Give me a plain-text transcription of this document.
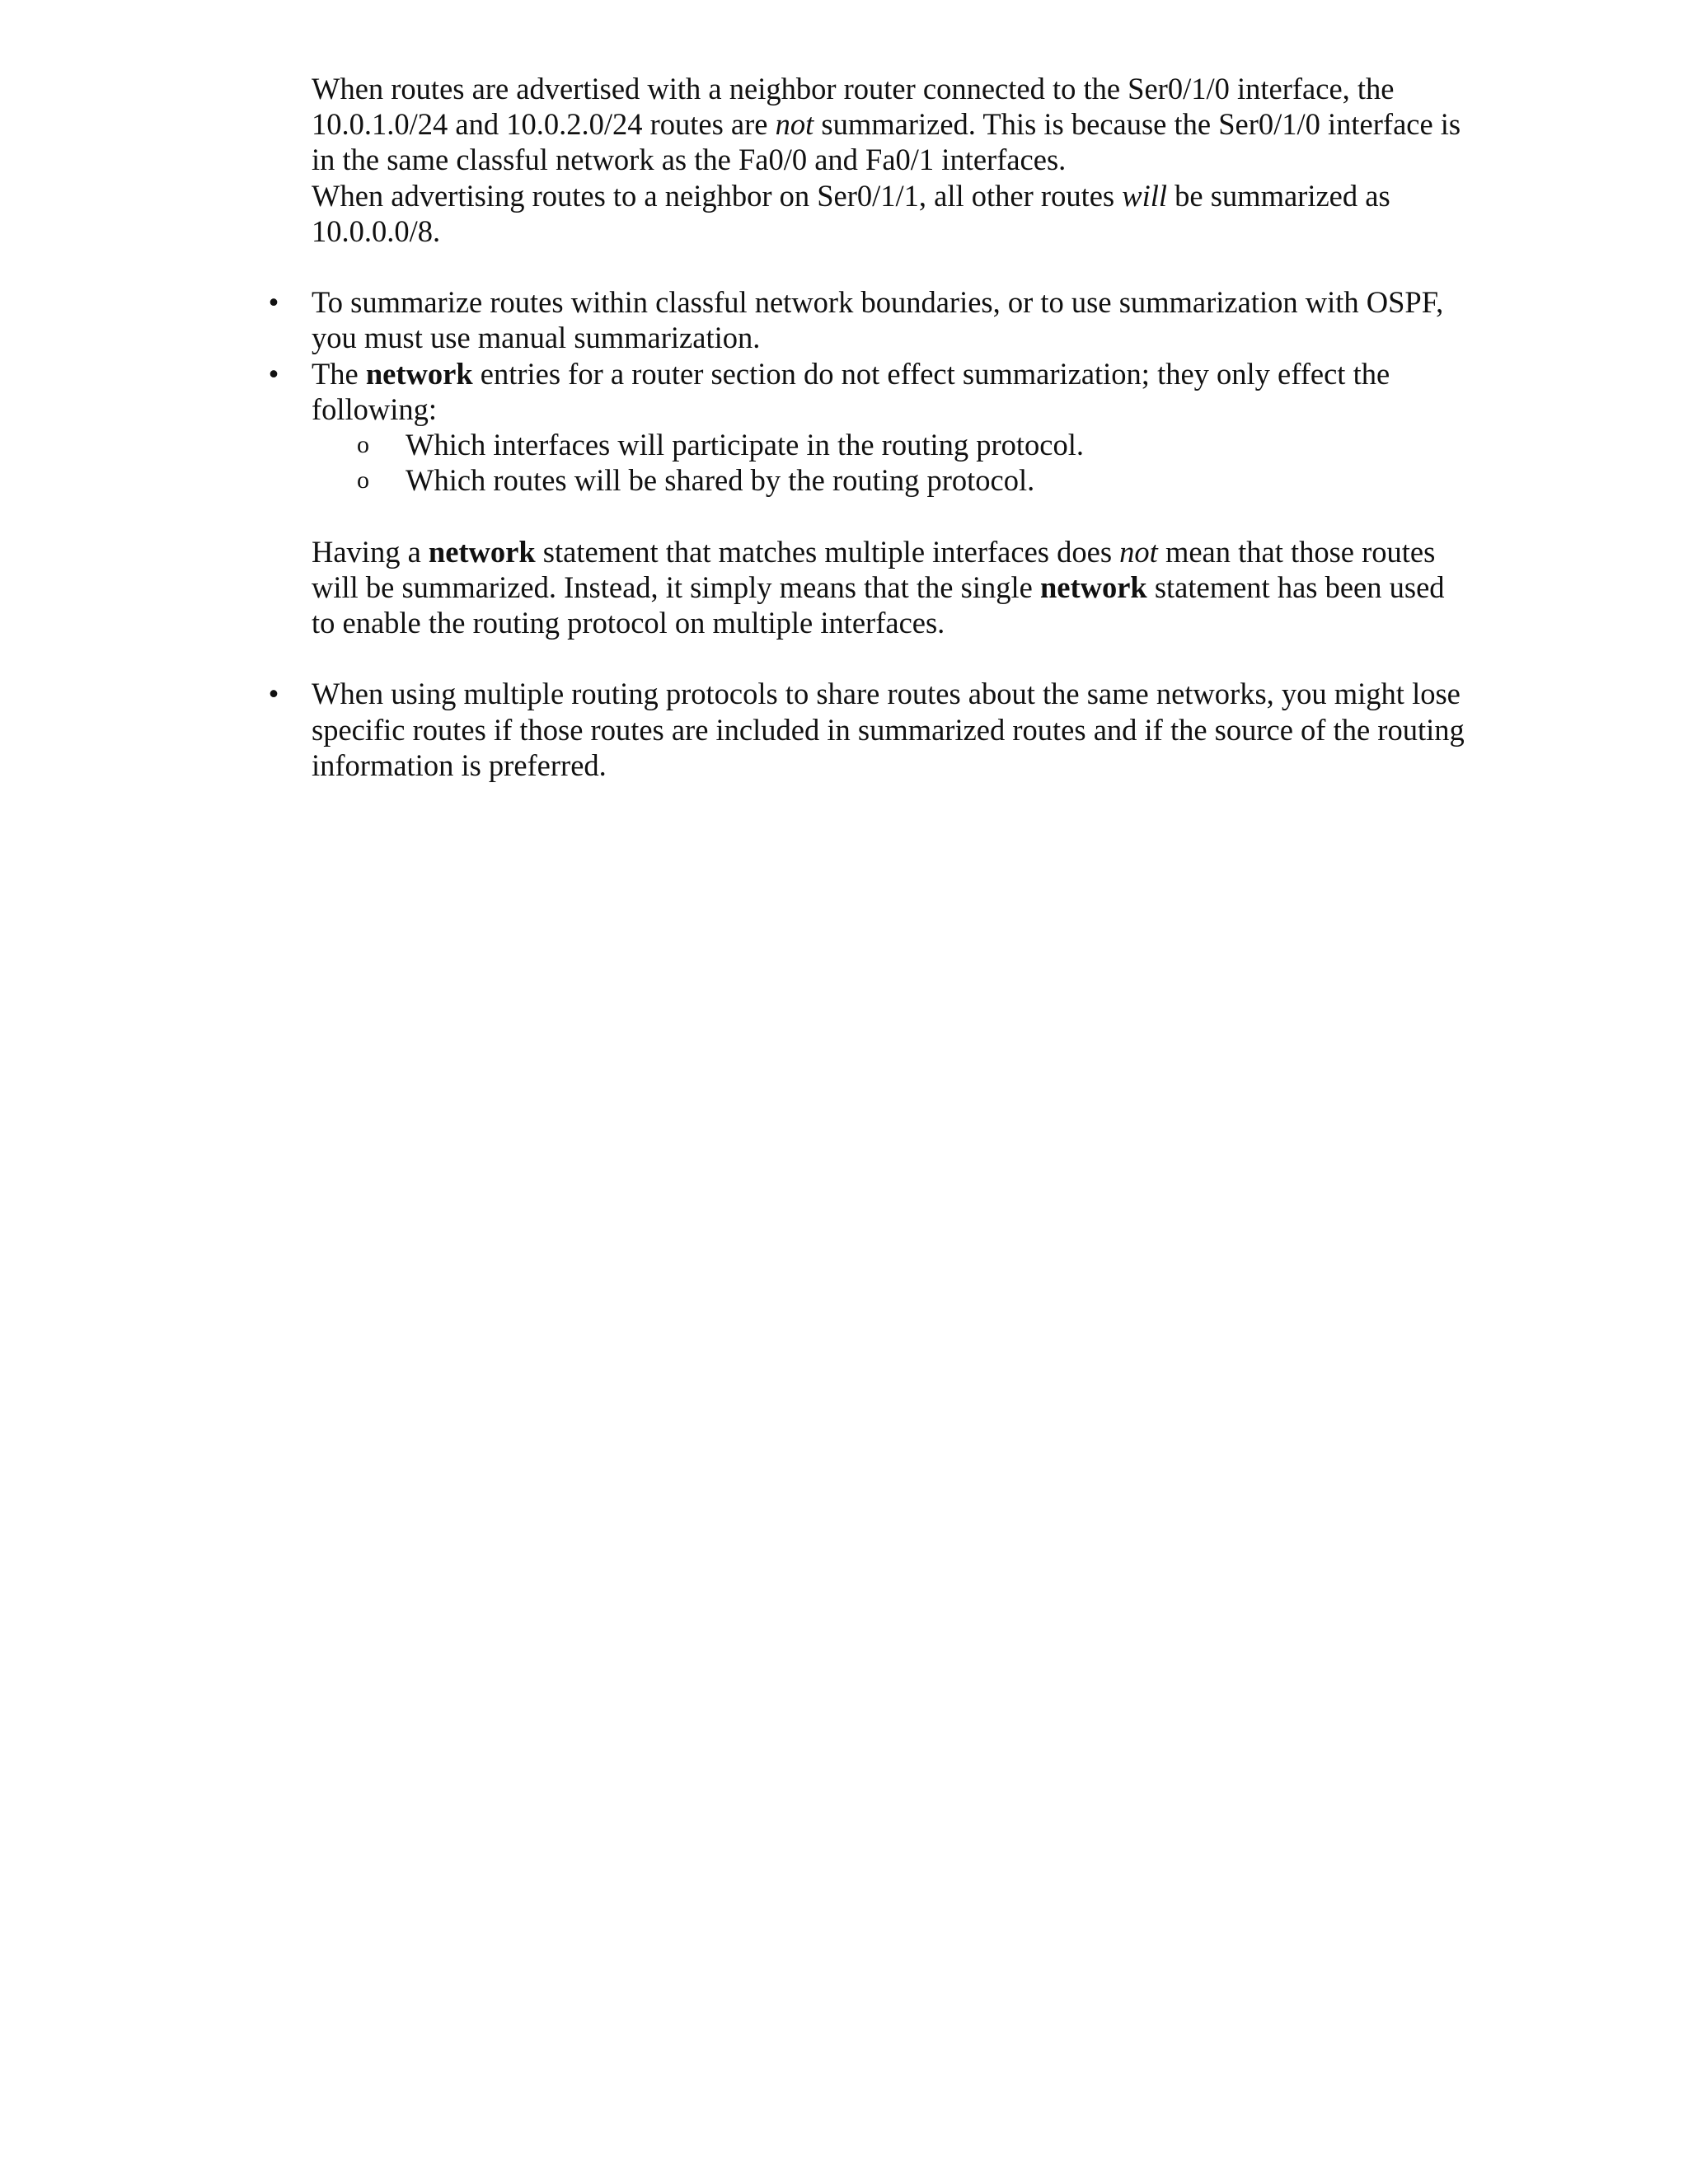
When routes are advertised with a neighbor router connected to the Ser0/1/0 interface, the 10.0.1.0/24 and 10.0.2.0/24 routes are not summarized. This is because the Ser0/1/0 interface is in the same classful network as the Fa0/0 and Fa0/1 interfaces.

When advertising routes to a neighbor on Ser0/1/1, all other routes will be summarized as 10.0.0.0/8.

• To summarize routes within classful network boundaries, or to use summarization with OSPF, you must use manual summarization.
• The network entries for a router section do not effect summarization; they only effect the following:
o Which interfaces will participate in the routing protocol.
o Which routes will be shared by the routing protocol.

Having a network statement that matches multiple interfaces does not mean that those routes will be summarized. Instead, it simply means that the single network statement has been used to enable the routing protocol on multiple interfaces.

• When using multiple routing protocols to share routes about the same networks, you might lose specific routes if those routes are included in summarized routes and if the source of the routing information is preferred.
